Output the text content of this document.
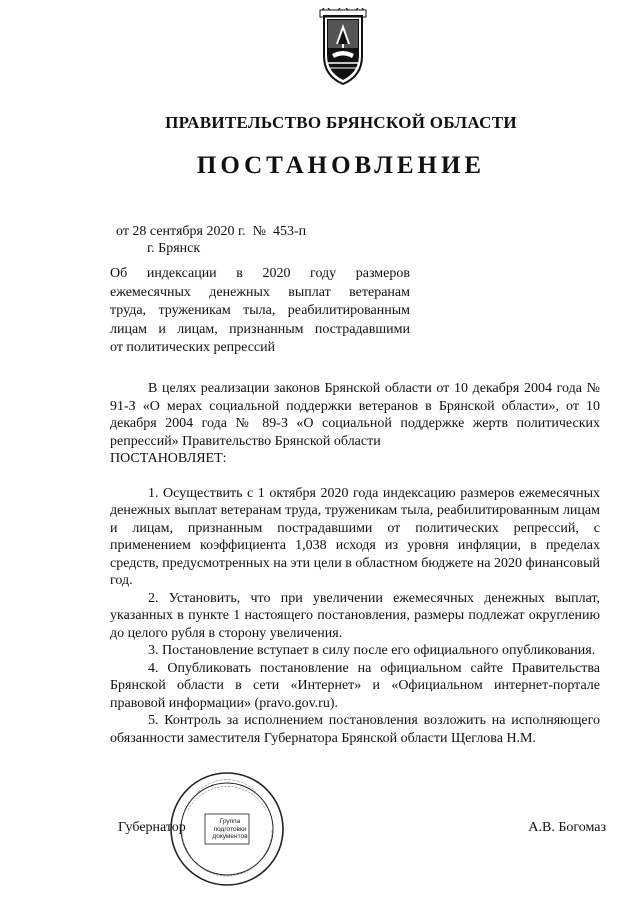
ПРАВИТЕЛЬСТВО БРЯНСКОЙ ОБЛАСТИ
ПОСТАНОВЛЕНИЕ
от 28 сентября 2020 г.  №  453-п
г. Брянск
Об индексации в 2020 году размеров
ежемесячных денежных выплат ветеранам
труда, труженикам тыла, реабилитированным
лицам и лицам, признанным пострадавшими
от политических репрессий

В целях реализации законов Брянской области от 10 декабря 2004 года № 91-З «О мерах социальной поддержки ветеранов в Брянской области», от 10 декабря 2004 года № 89-З «О социальной поддержке жертв политических репрессий» Правительство Брянской области

ПОСТАНОВЛЯЕТ:

1. Осуществить с 1 октября 2020 года индексацию размеров ежемесячных денежных выплат ветеранам труда, труженикам тыла, реабилитированным лицам и лицам, признанным пострадавшими от политических репрессий, с применением коэффициента 1,038 исходя из уровня инфляции, в пределах средств, предусмотренных на эти цели в областном бюджете на 2020 финансовый год.

2. Установить, что при увеличении ежемесячных денежных выплат, указанных в пункте 1 настоящего постановления, размеры подлежат округлению до целого рубля в сторону увеличения.

3. Постановление вступает в силу после его официального опубликования.

4. Опубликовать постановление на официальном сайте Правительства Брянской области в сети «Интернет» и «Официальном интернет-портале правовой информации» (pravo.gov.ru).

5. Контроль за исполнением постановления возложить на исполняющего обязанности заместителя Губернатора Брянской области Щеглова Н.М.

Губернатор	А.В. Богомаз
Группа
подготовки
документов
